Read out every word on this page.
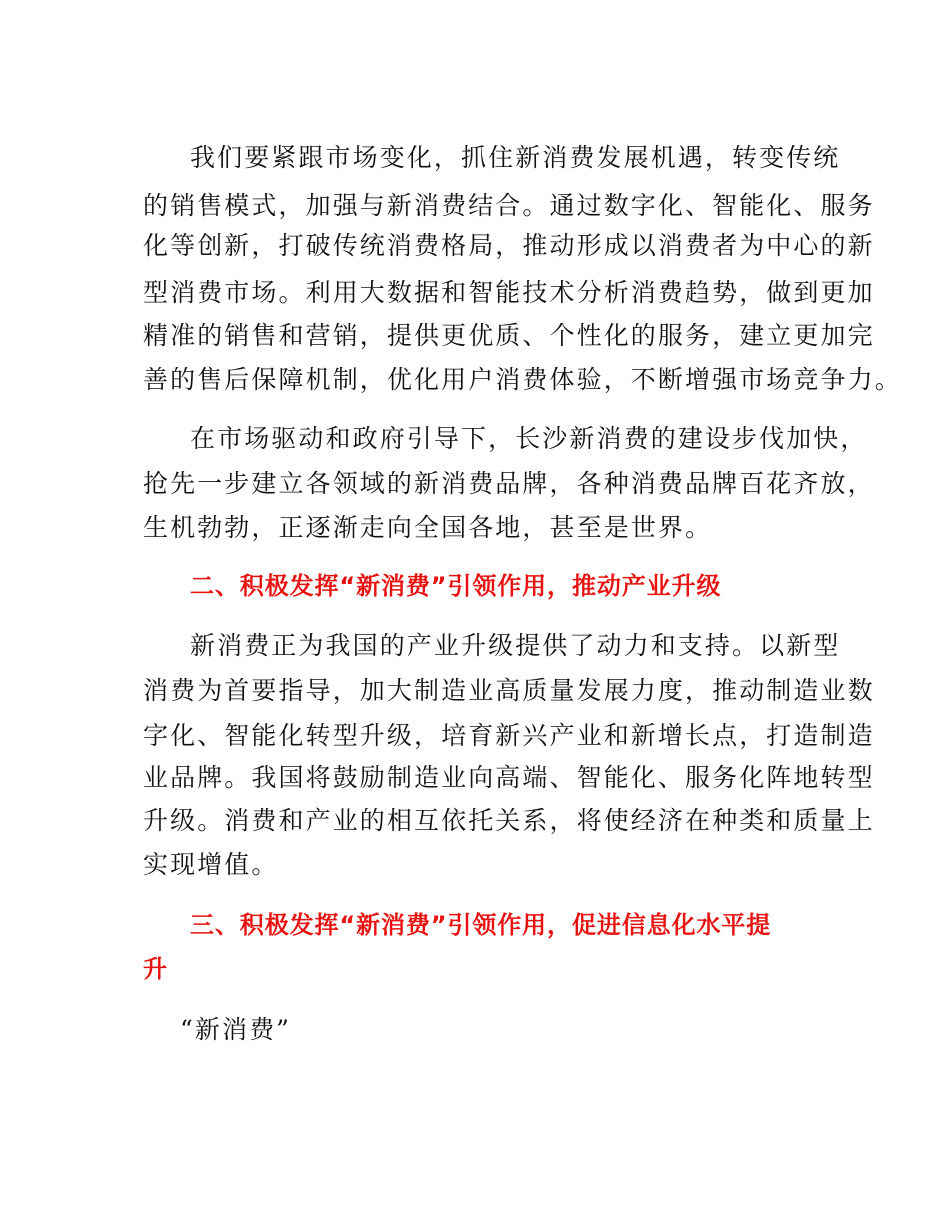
我们要紧跟市场变化，抓住新消费发展机遇，转变传统
的销售模式，加强与新消费结合。通过数字化、智能化、服务
化等创新，打破传统消费格局，推动形成以消费者为中心的新
型消费市场。利用大数据和智能技术分析消费趋势，做到更加
精准的销售和营销，提供更优质、个性化的服务，建立更加完
善的售后保障机制，优化用户消费体验，不断增强市场竞争力。
在市场驱动和政府引导下，长沙新消费的建设步伐加快，
抢先一步建立各领域的新消费品牌，各种消费品牌百花齐放，
生机勃勃，正逐渐走向全国各地，甚至是世界。
二、积极发挥“新消费”引领作用，推动产业升级
新消费正为我国的产业升级提供了动力和支持。以新型
消费为首要指导，加大制造业高质量发展力度，推动制造业数
字化、智能化转型升级，培育新兴产业和新增长点，打造制造
业品牌。我国将鼓励制造业向高端、智能化、服务化阵地转型
升级。消费和产业的相互依托关系，将使经济在种类和质量上
实现增值。
三、积极发挥“新消费”引领作用，促进信息化水平提
升
“新消费”
